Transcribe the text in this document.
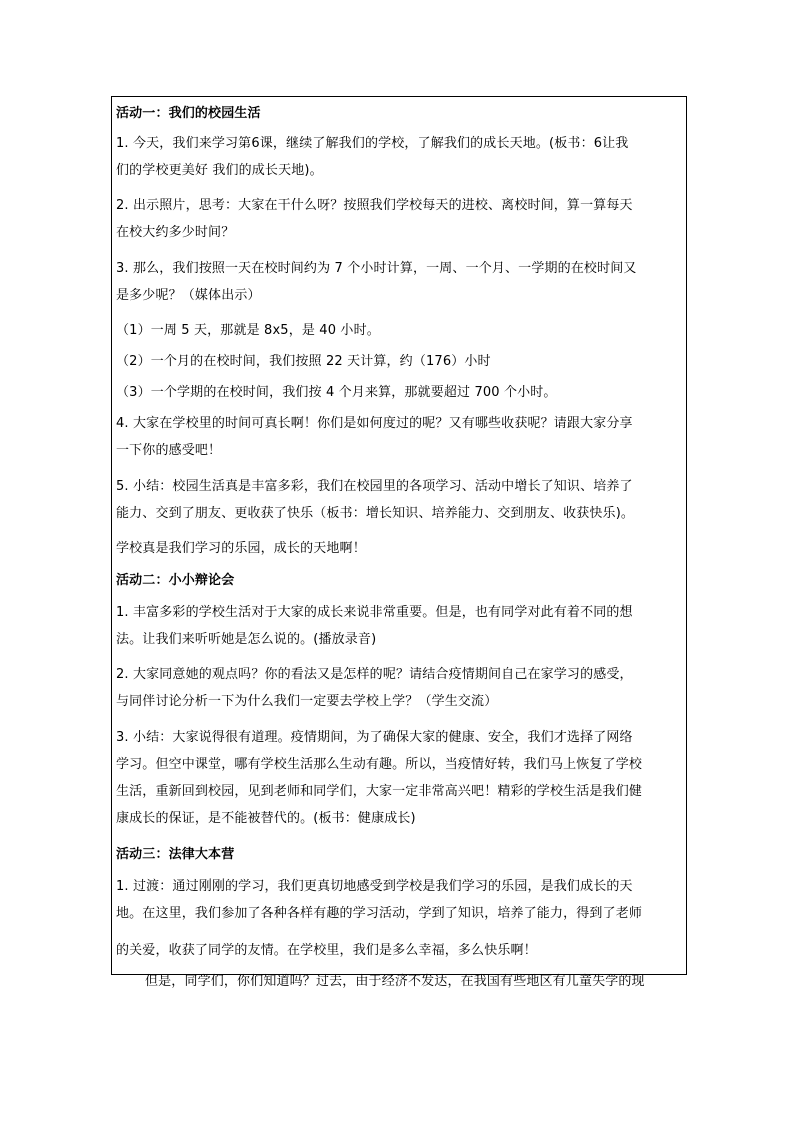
活动一：我们的校园生活
1. 今天，我们来学习第6课，继续了解我们的学校，了解我们的成长天地。(板书：6让我
们的学校更美好 我们的成长天地)。
2. 出示照片，思考：大家在干什么呀？按照我们学校每天的进校、离校时间，算一算每天
在校大约多少时间？
3. 那么，我们按照一天在校时间约为 7 个小时计算，一周、一个月、一学期的在校时间又
是多少呢？（媒体出示）
（1）一周 5 天，那就是 8x5，是 40 小时。
（2）一个月的在校时间，我们按照 22 天计算，约（176）小时
（3）一个学期的在校时间，我们按 4 个月来算，那就要超过 700 个小时。
4. 大家在学校里的时间可真长啊！你们是如何度过的呢？又有哪些收获呢？请跟大家分享
一下你的感受吧！
5. 小结：校园生活真是丰富多彩，我们在校园里的各项学习、活动中增长了知识、培养了
能力、交到了朋友、更收获了快乐（板书：增长知识、培养能力、交到朋友、收获快乐)。
学校真是我们学习的乐园，成长的天地啊！
活动二：小小辩论会
1. 丰富多彩的学校生活对于大家的成长来说非常重要。但是，也有同学对此有着不同的想
法。让我们来听听她是怎么说的。(播放录音)
2. 大家同意她的观点吗？你的看法又是怎样的呢？请结合疫情期间自己在家学习的感受，
与同伴讨论分析一下为什么我们一定要去学校上学？（学生交流）
3. 小结：大家说得很有道理。疫情期间，为了确保大家的健康、安全，我们才选择了网络
学习。但空中课堂，哪有学校生活那么生动有趣。所以，当疫情好转，我们马上恢复了学校
生活，重新回到校园，见到老师和同学们，大家一定非常高兴吧！精彩的学校生活是我们健
康成长的保证，是不能被替代的。(板书：健康成长)
活动三：法律大本营
1. 过渡：通过刚刚的学习，我们更真切地感受到学校是我们学习的乐园，是我们成长的天
地。在这里，我们参加了各种各样有趣的学习活动，学到了知识，培养了能力，得到了老师
的关爱，收获了同学的友情。在学校里，我们是多么幸福，多么快乐啊！
但是，同学们，你们知道吗？过去，由于经济不发达，在我国有些地区有儿童失学的现
